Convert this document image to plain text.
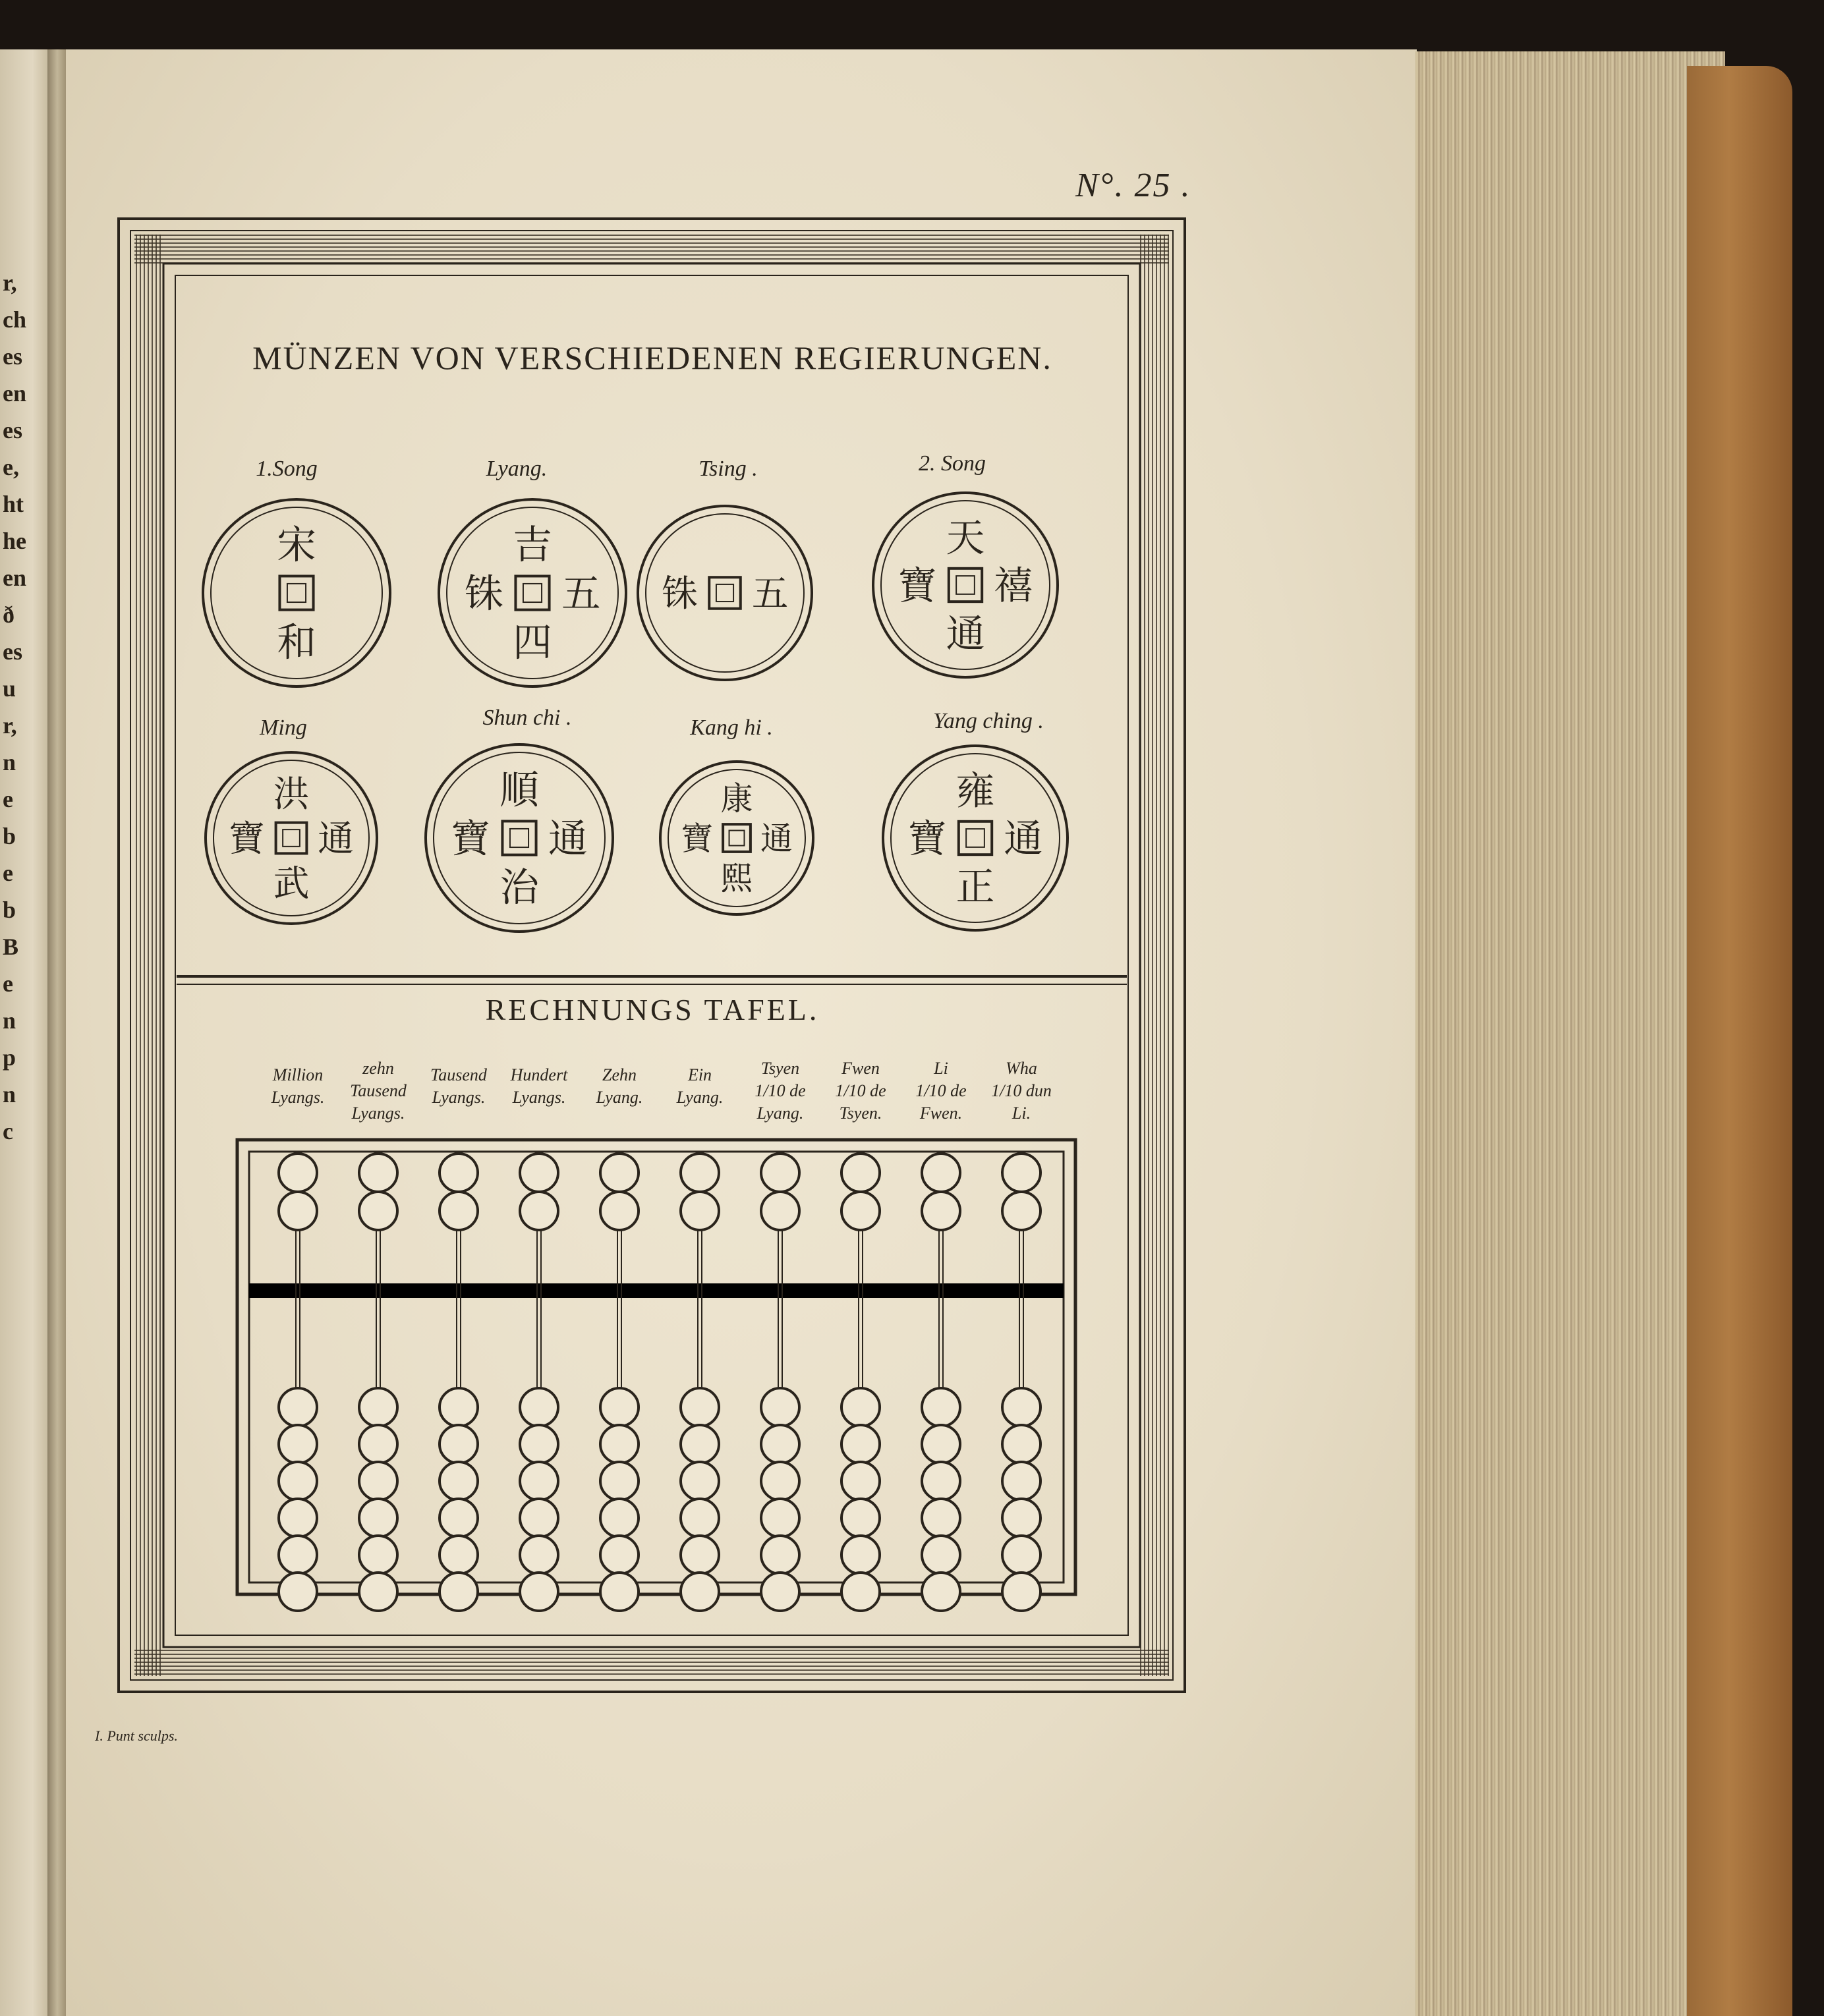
r,
ch
es
en
es
e,
ht
he
en
ð
es
u
r,
n
e
b
e
b
B
e
n
p
n
c
N°. 25 .
I. Punt sculps.
MÜNZEN VON VERSCHIEDENEN REGIERUNGEN.
1.Song
宋
和
Lyang.
吉
四
五
铢
Tsing .
五
铢
2. Song
天
通
禧
寶
Ming
洪
武
通
寶
Shun chi .
順
治
通
寶
Kang hi .
康
熙
通
寶
Yang ching .
雍
正
通
寶
RECHNUNGS TAFEL.
Million
Lyangs.
zehn
Tausend
Lyangs.
Tausend
Lyangs.
Hundert
Lyangs.
Zehn
Lyang.
Ein
Lyang.
Tsyen
1/10 de
Lyang.
Fwen
1/10 de
Tsyen.
Li
1/10 de
Fwen.
Wha
1/10 dun
Li.
